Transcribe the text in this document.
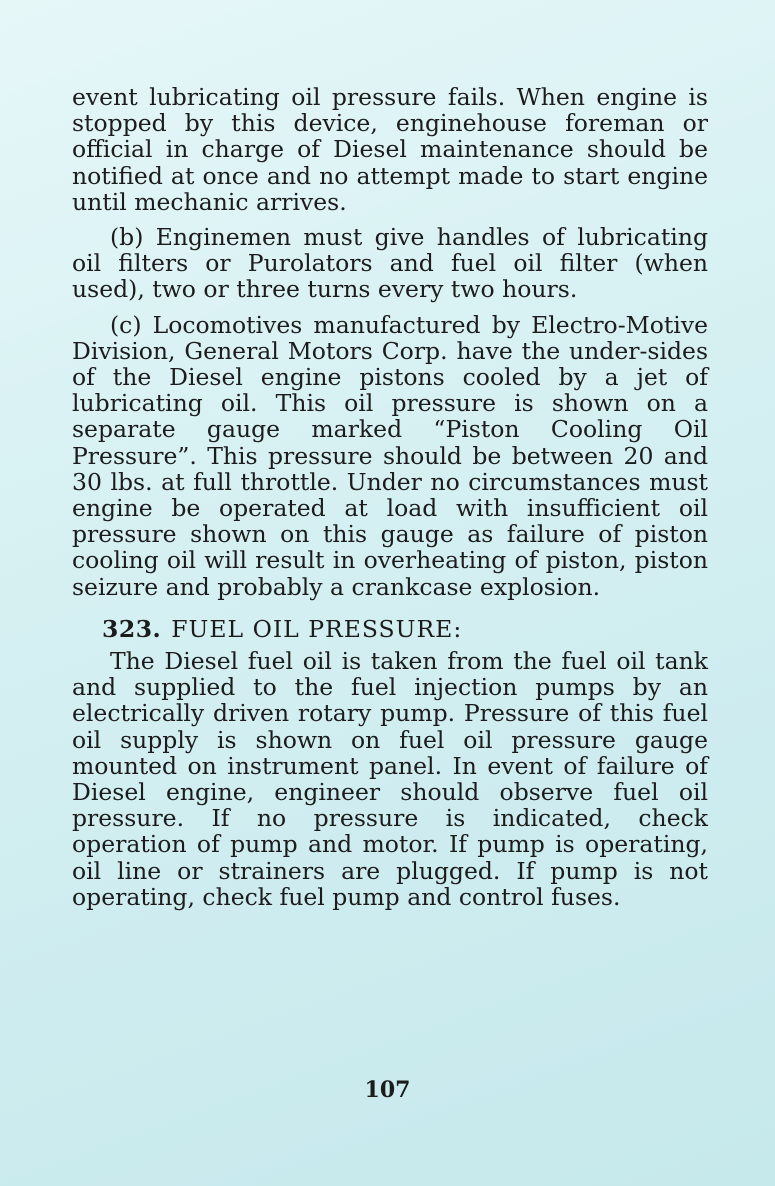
event lubricating oil pressure fails. When engine is stopped by this device, enginehouse foreman or official in charge of Diesel maintenance should be notified at once and no attempt made to start engine until mechanic arrives.

(b) Enginemen must give handles of lubricating oil filters or Purolators and fuel oil filter (when used), two or three turns every two hours.

(c) Locomotives manufactured by Electro-Motive Division, General Motors Corp. have the under-sides of the Diesel engine pistons cooled by a jet of lubricating oil. This oil pressure is shown on a separate gauge marked “Piston Cooling Oil Pressure”. This pressure should be between 20 and 30 lbs. at full throttle. Under no circumstances must engine be operated at load with insufficient oil pressure shown on this gauge as failure of piston cooling oil will result in overheating of piston, piston seizure and probably a crankcase explosion.

323. FUEL OIL PRESSURE:

The Diesel fuel oil is taken from the fuel oil tank and supplied to the fuel injection pumps by an electrically driven rotary pump. Pressure of this fuel oil supply is shown on fuel oil pressure gauge mounted on instrument panel. In event of failure of Diesel engine, engineer should observe fuel oil pressure. If no pressure is indicated, check operation of pump and motor. If pump is operating, oil line or strainers are plugged. If pump is not operating, check fuel pump and control fuses.

107
